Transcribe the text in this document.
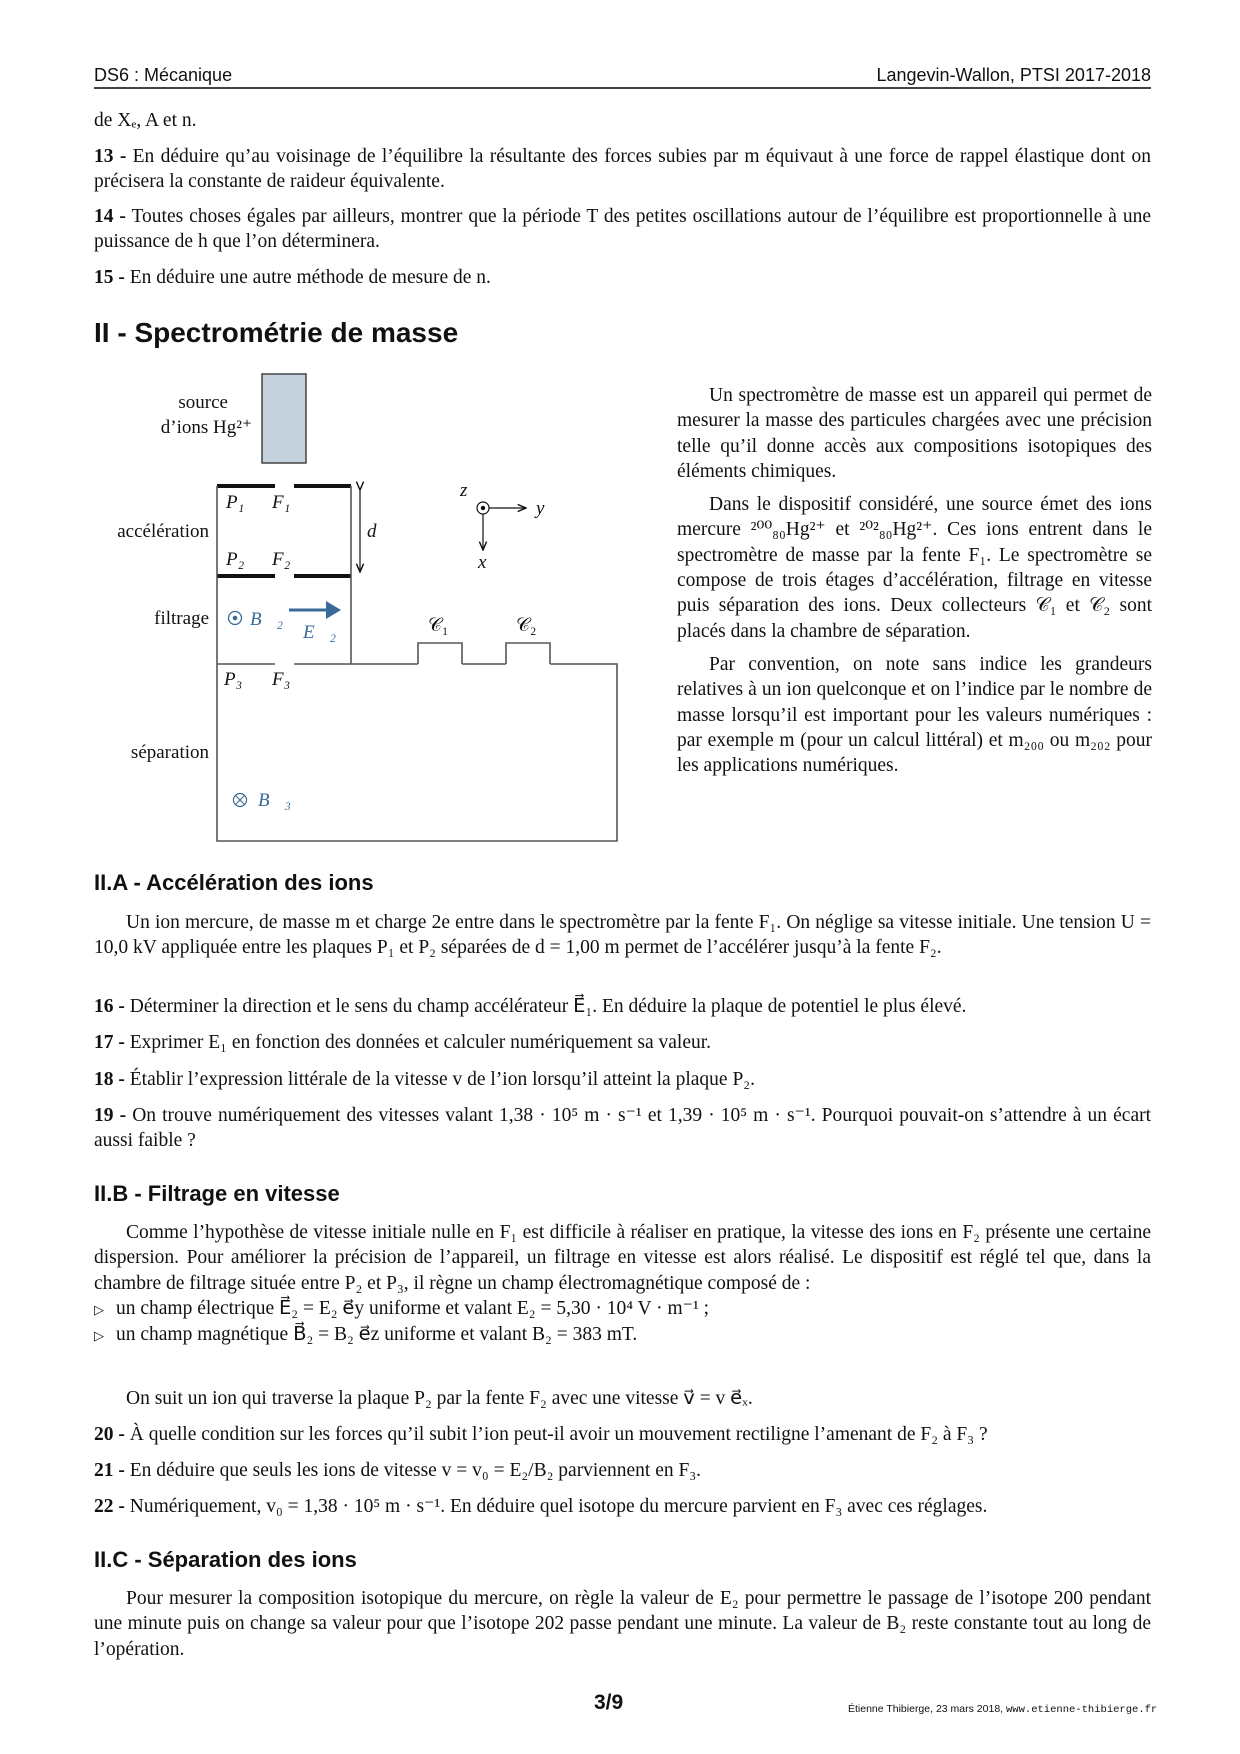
DS6 : Mécanique	Langevin-Wallon, PTSI 2017-2018
de Xₑ, A et n.
13 - En déduire qu’au voisinage de l’équilibre la résultante des forces subies par m équivaut à une force de rappel élastique dont on précisera la constante de raideur équivalente.
14 - Toutes choses égales par ailleurs, montrer que la période T des petites oscillations autour de l’équilibre est proportionnelle à une puissance de h que l’on déterminera.
15 - En déduire une autre méthode de mesure de n.
II - Spectrométrie de masse
source
d’ions Hg²⁺
d
P₁ F₁
P₂ F₂
P₃ F₃
accélération
filtrage
séparation
B⃗₂
E⃗₂
B⃗₃
𝒞₁	𝒞₂
y
x
z

Un spectromètre de masse est un appareil qui permet de mesurer la masse des particules chargées avec une précision telle qu’il donne accès aux compositions isotopiques des éléments chimiques.

Dans le dispositif considéré, une source émet des ions mercure ²⁰⁰₈₀Hg²⁺ et ²⁰²₈₀Hg²⁺. Ces ions entrent dans le spectromètre de masse par la fente F₁. Le spectromètre se compose de trois étages d’accélération, filtrage en vitesse puis séparation des ions. Deux collecteurs 𝒞₁ et 𝒞₂ sont placés dans la chambre de séparation.

Par convention, on note sans indice les grandeurs relatives à un ion quelconque et on l’indice par le nombre de masse lorsqu’il est important pour les valeurs numériques : par exemple m (pour un calcul littéral) et m₂₀₀ ou m₂₀₂ pour les applications numériques.

II.A - Accélération des ions
Un ion mercure, de masse m et charge 2e entre dans le spectromètre par la fente F₁. On néglige sa vitesse initiale. Une tension U = 10,0 kV appliquée entre les plaques P₁ et P₂ séparées de d = 1,00 m permet de l’accélérer jusqu’à la fente F₂.
16 - Déterminer la direction et le sens du champ accélérateur E⃗₁. En déduire la plaque de potentiel le plus élevé.
17 - Exprimer E₁ en fonction des données et calculer numériquement sa valeur.
18 - Établir l’expression littérale de la vitesse v de l’ion lorsqu’il atteint la plaque P₂.
19 - On trouve numériquement des vitesses valant 1,38 · 10⁵ m · s⁻¹ et 1,39 · 10⁵ m · s⁻¹. Pourquoi pouvait-on s’attendre à un écart aussi faible ?
II.B - Filtrage en vitesse

Comme l’hypothèse de vitesse initiale nulle en F₁ est difficile à réaliser en pratique, la vitesse des ions en F₂ présente une certaine dispersion. Pour améliorer la précision de l’appareil, un filtrage en vitesse est alors réalisé. Le dispositif est réglé tel que, dans la chambre de filtrage située entre P₂ et P₃, il règne un champ électromagnétique composé de :

▷ un champ électrique E⃗₂ = E₂ e⃗y uniforme et valant E₂ = 5,30 · 10⁴ V · m⁻¹ ;
▷ un champ magnétique B⃗₂ = B₂ e⃗z uniforme et valant B₂ = 383 mT.
On suit un ion qui traverse la plaque P₂ par la fente F₂ avec une vitesse v⃗ = v e⃗ₓ.
20 - À quelle condition sur les forces qu’il subit l’ion peut-il avoir un mouvement rectiligne l’amenant de F₂ à F₃ ?
21 - En déduire que seuls les ions de vitesse v = v₀ = E₂/B₂ parviennent en F₃.
22 - Numériquement, v₀ = 1,38 · 10⁵ m · s⁻¹. En déduire quel isotope du mercure parvient en F₃ avec ces réglages.
II.C - Séparation des ions
Pour mesurer la composition isotopique du mercure, on règle la valeur de E₂ pour permettre le passage de l’isotope 200 pendant une minute puis on change sa valeur pour que l’isotope 202 passe pendant une minute. La valeur de B₂ reste constante tout au long de l’opération.
3/9	Étienne Thibierge, 23 mars 2018, www.etienne-thibierge.fr
